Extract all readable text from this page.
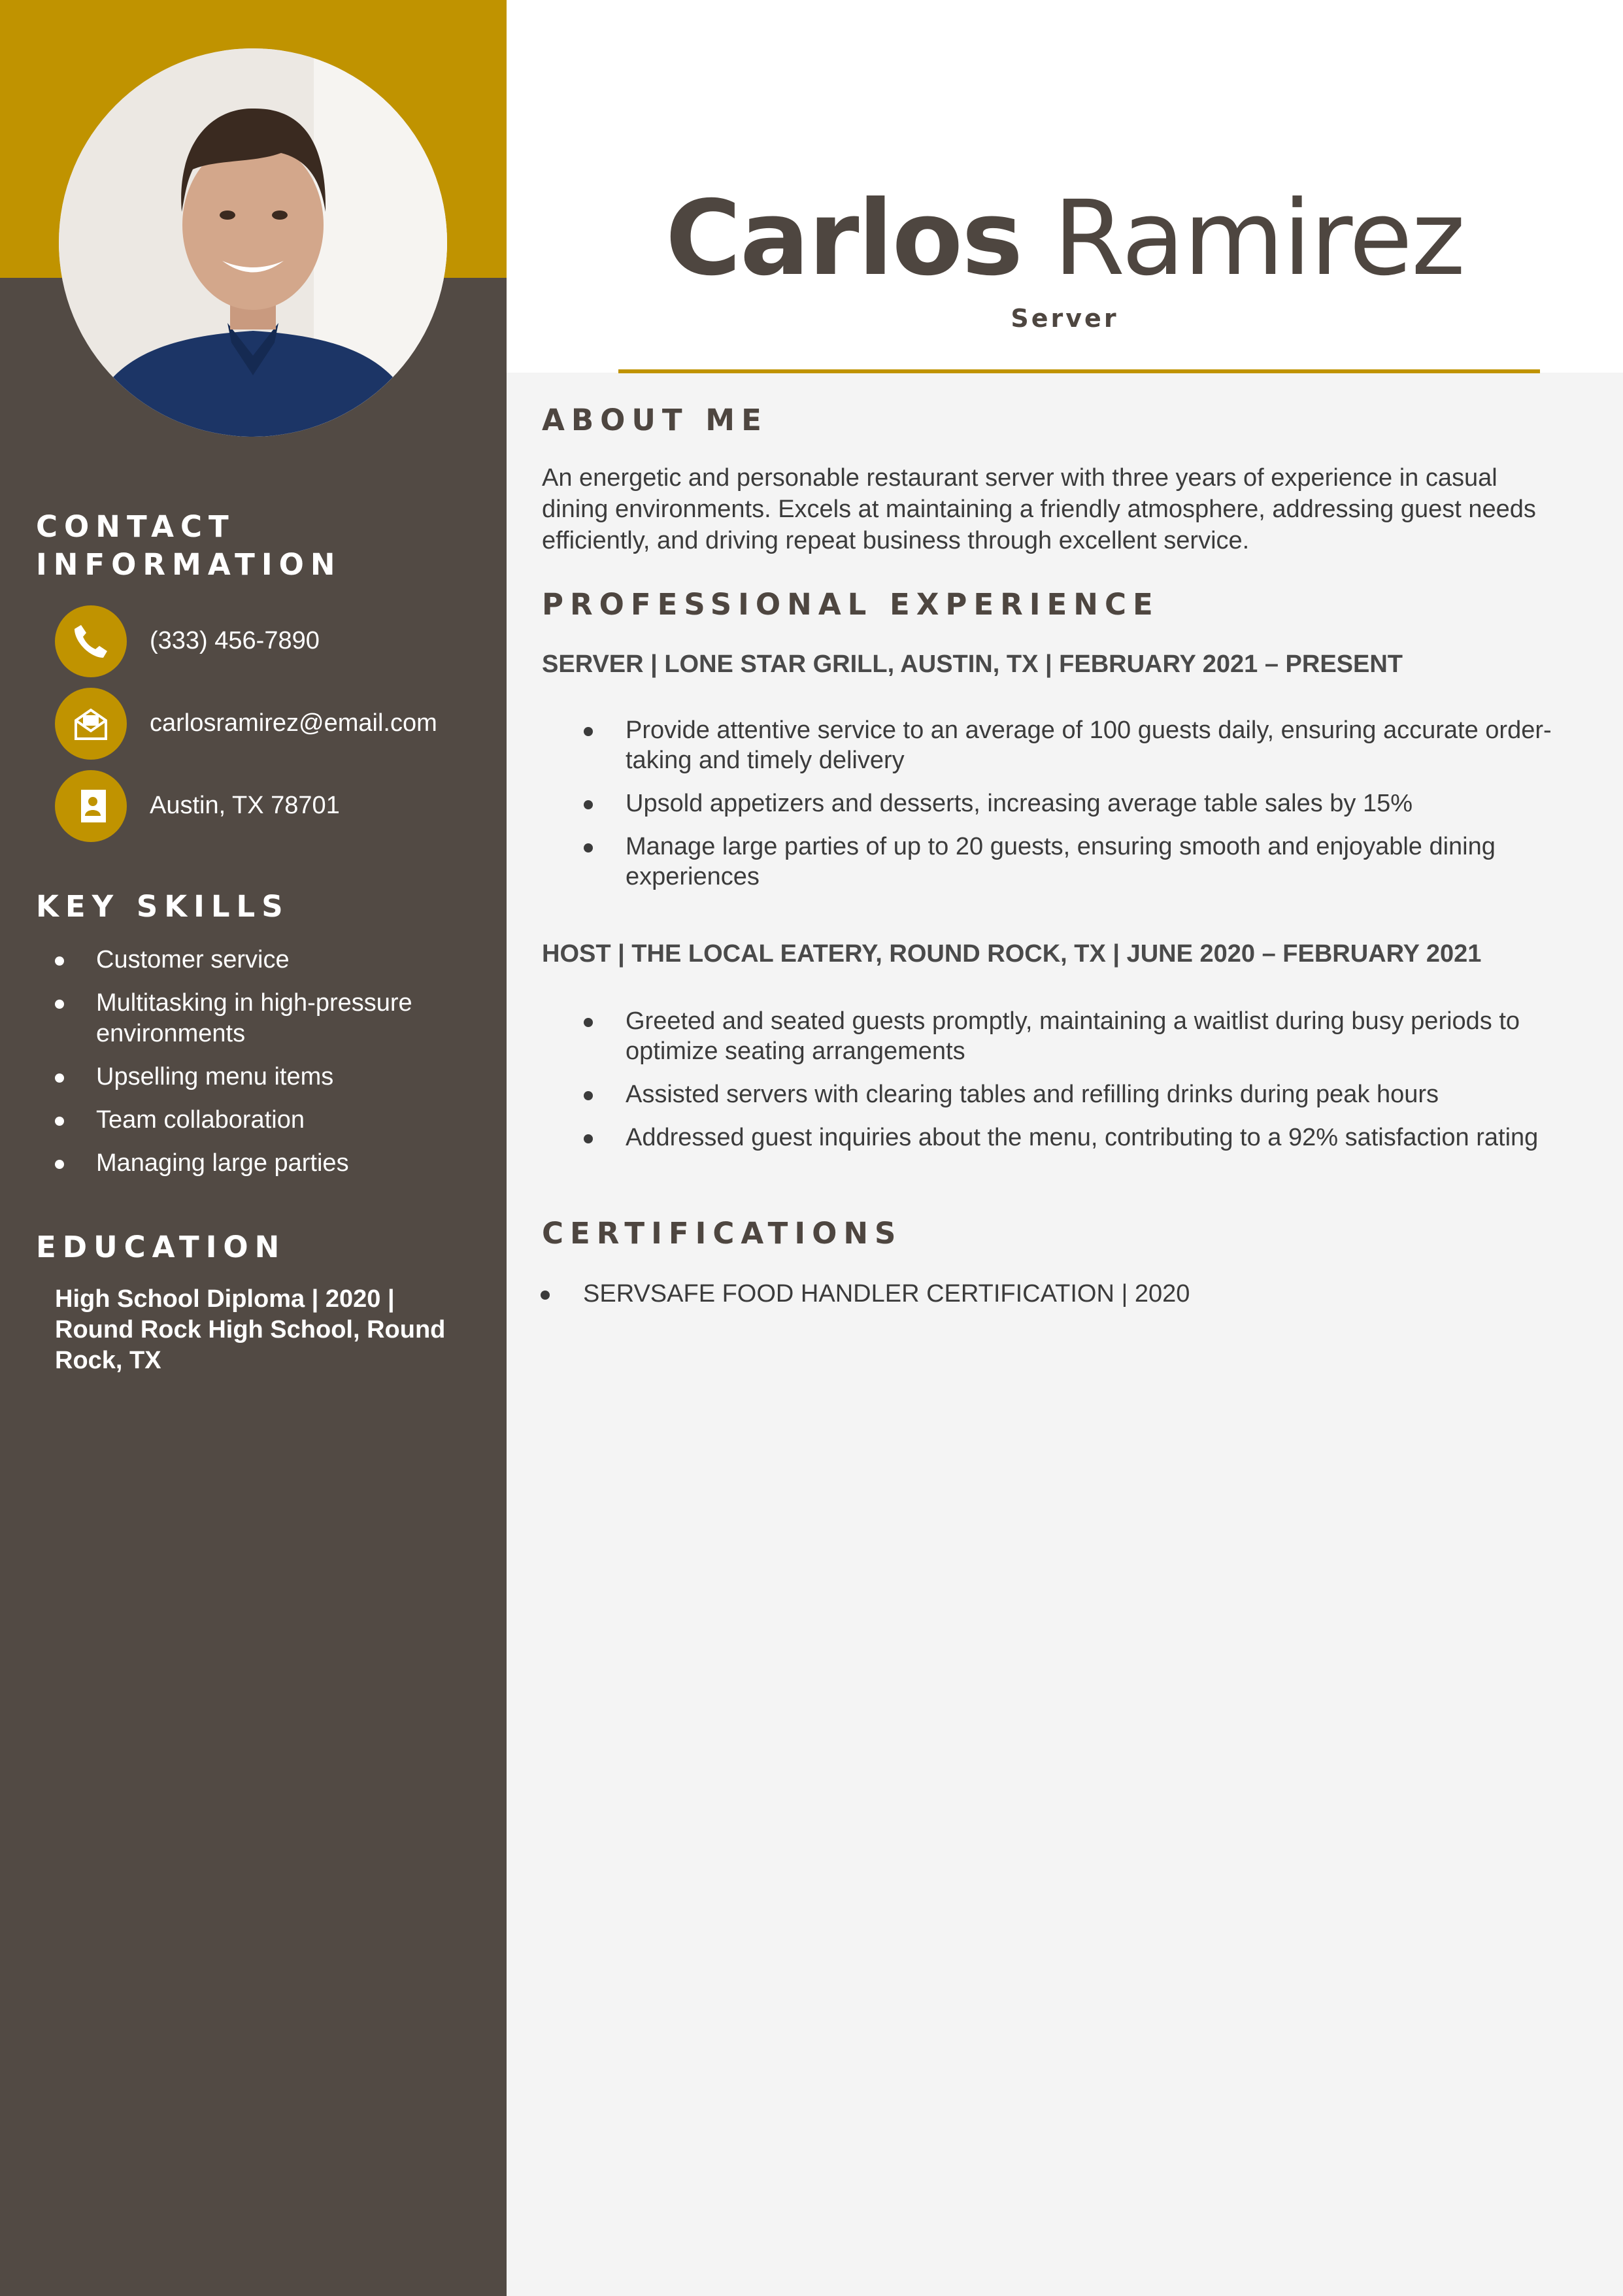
Carlos Ramirez
Server
CONTACT
INFORMATION
(333) 456-7890
carlosramirez@email.com
Austin, TX 78701
KEY SKILLS
Customer service
Multitasking in high-pressure environments
Upselling menu items
Team collaboration
Managing large parties
EDUCATION
High School Diploma | 2020 | Round Rock High School, Round Rock, TX
ABOUT ME
An energetic and personable restaurant server with three years of experience in casual dining environments. Excels at maintaining a friendly atmosphere, addressing guest needs efficiently, and driving repeat business through excellent service.
PROFESSIONAL EXPERIENCE
SERVER | LONE STAR GRILL, AUSTIN, TX | FEBRUARY 2021 – PRESENT
Provide attentive service to an average of 100 guests daily, ensuring accurate order-taking and timely delivery
Upsold appetizers and desserts, increasing average table sales by 15%
Manage large parties of up to 20 guests, ensuring smooth and enjoyable dining experiences
HOST | THE LOCAL EATERY, ROUND ROCK, TX | JUNE 2020 – FEBRUARY 2021
Greeted and seated guests promptly, maintaining a waitlist during busy periods to optimize seating arrangements
Assisted servers with clearing tables and refilling drinks during peak hours
Addressed guest inquiries about the menu, contributing to a 92% satisfaction rating
CERTIFICATIONS
SERVSAFE FOOD HANDLER CERTIFICATION | 2020
